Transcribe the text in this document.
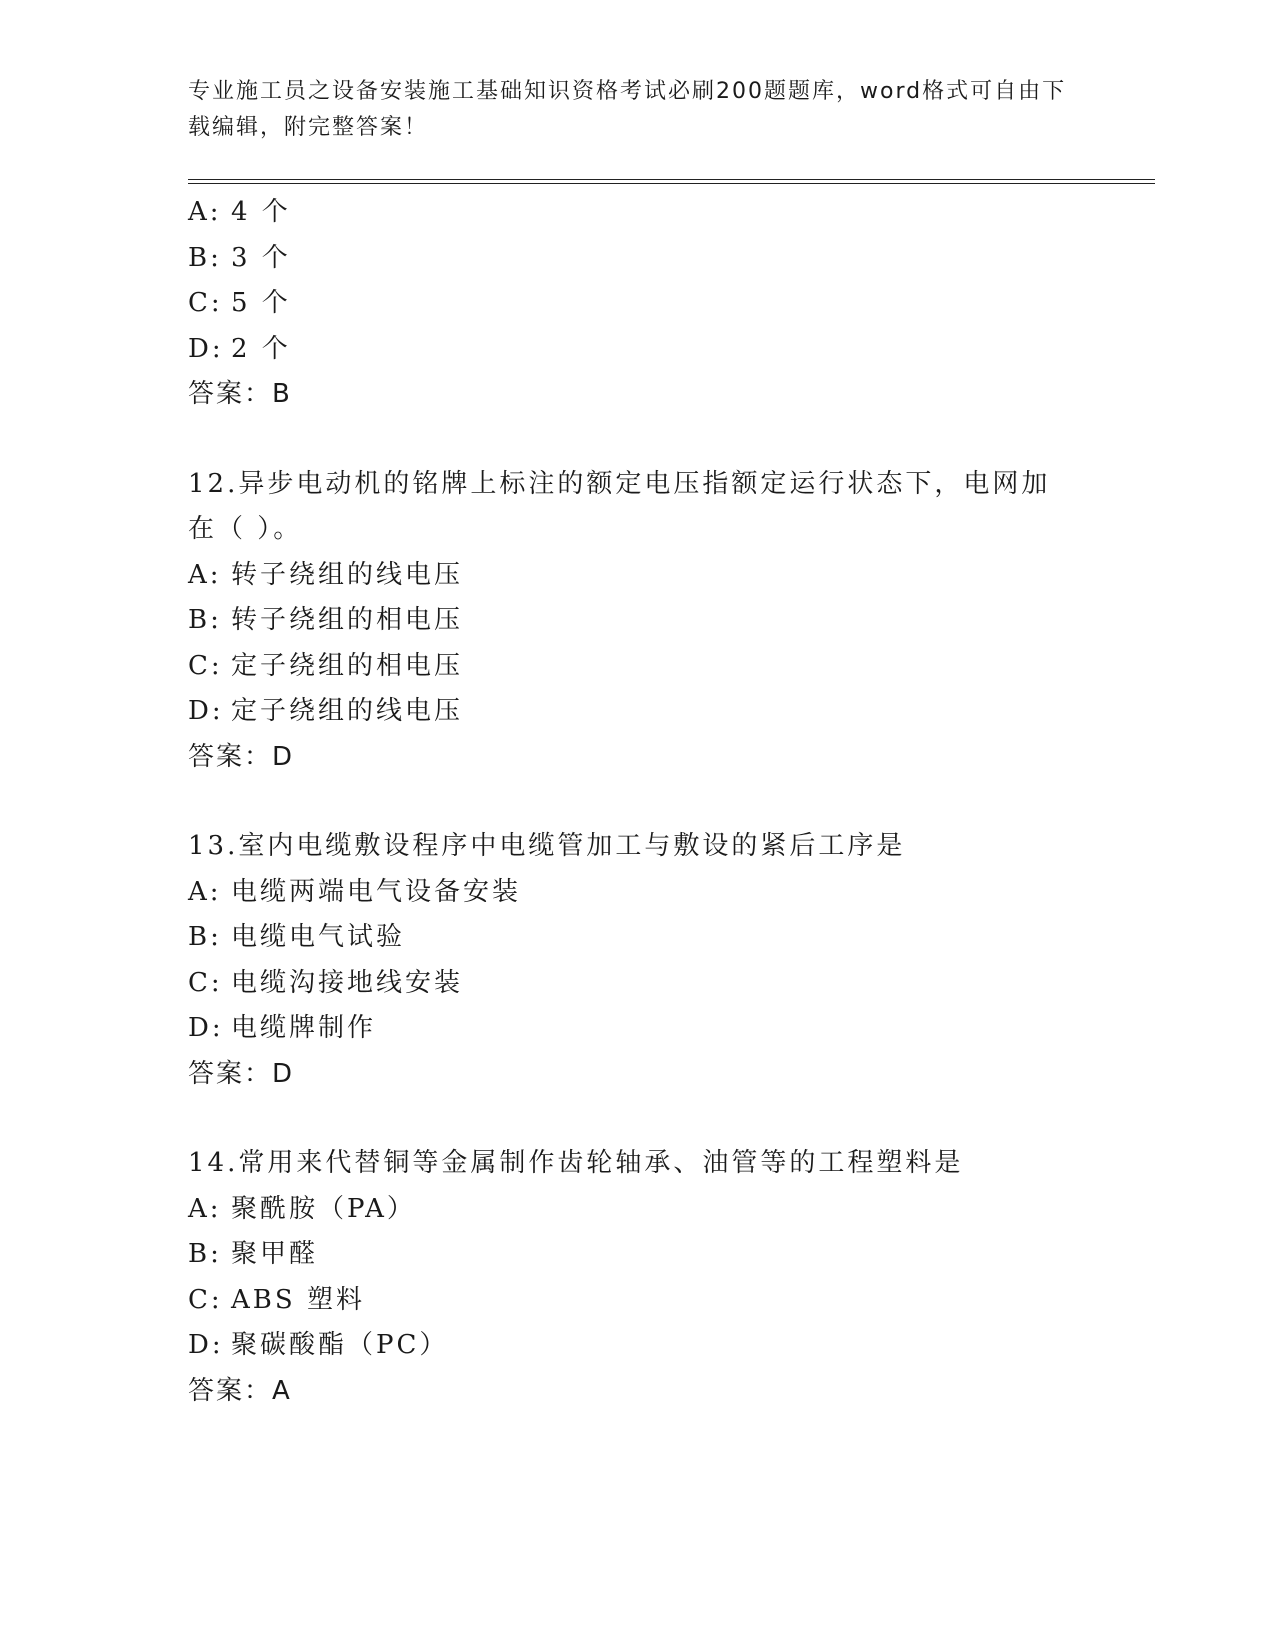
专业施工员之设备安装施工基础知识资格考试必刷200题题库，word格式可自由下载编辑，附完整答案！
A: 4 个
B: 3 个
C: 5 个
D: 2 个
答案：B
12.异步电动机的铭牌上标注的额定电压指额定运行状态下，电网加在（ ）。
A: 转子绕组的线电压
B: 转子绕组的相电压
C: 定子绕组的相电压
D: 定子绕组的线电压
答案：D
13.室内电缆敷设程序中电缆管加工与敷设的紧后工序是
A: 电缆两端电气设备安装
B: 电缆电气试验
C: 电缆沟接地线安装
D: 电缆牌制作
答案：D
14.常用来代替铜等金属制作齿轮轴承、油管等的工程塑料是
A: 聚酰胺（PA）
B: 聚甲醛
C: ABS 塑料
D: 聚碳酸酯（PC）
答案：A
